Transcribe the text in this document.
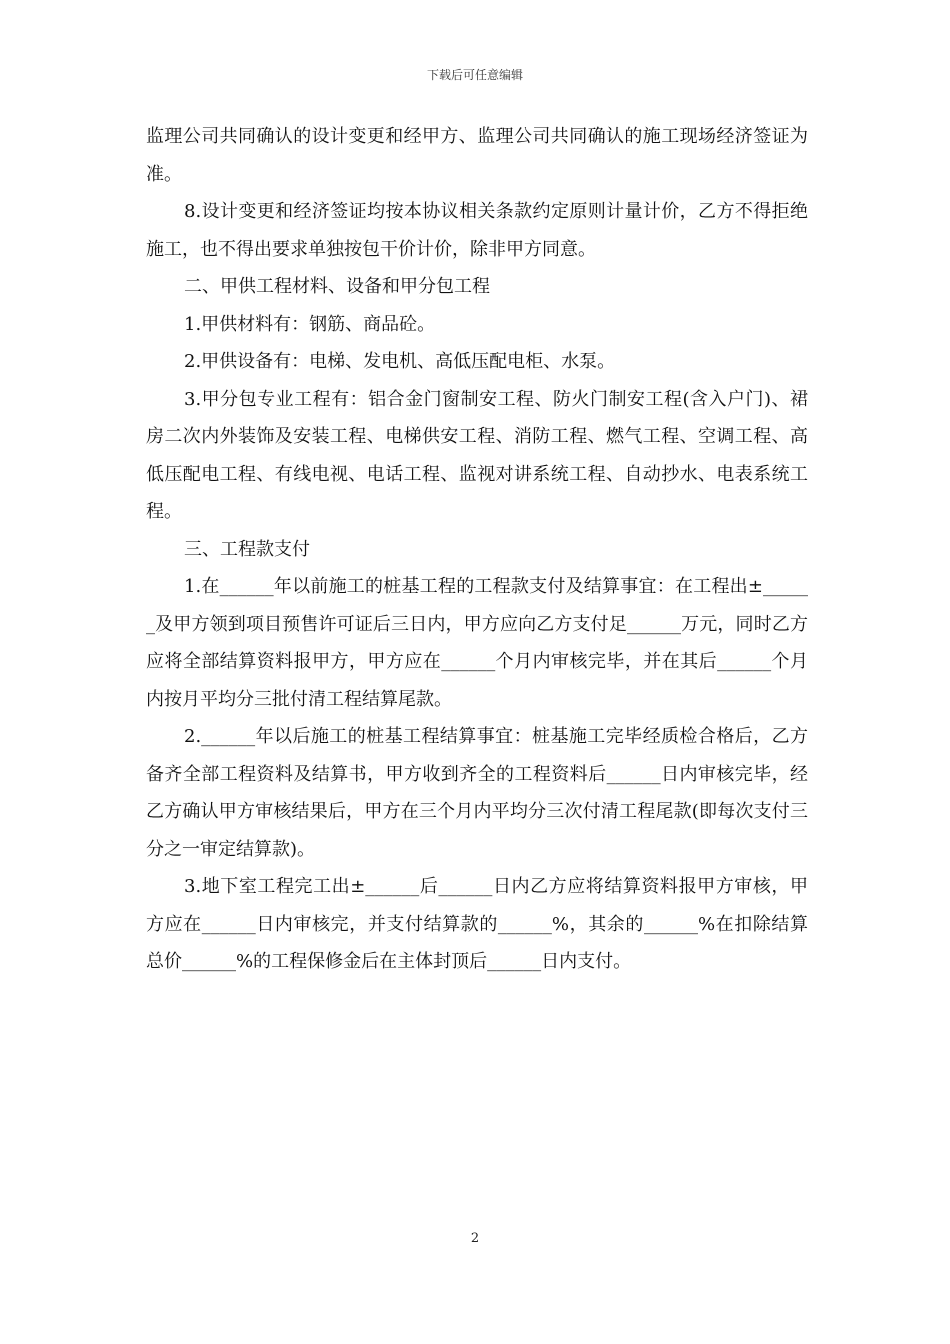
下载后可任意编辑

监理公司共同确认的设计变更和经甲方、监理公司共同确认的施工现场经济签证为准。

8.设计变更和经济签证均按本协议相关条款约定原则计量计价，乙方不得拒绝施工，也不得出要求单独按包干价计价，除非甲方同意。

二、甲供工程材料、设备和甲分包工程

1.甲供材料有：钢筋、商品砼。

2.甲供设备有：电梯、发电机、高低压配电柜、水泵。

3.甲分包专业工程有：铝合金门窗制安工程、防火门制安工程(含入户门)、裙房二次内外装饰及安装工程、电梯供安工程、消防工程、燃气工程、空调工程、高低压配电工程、有线电视、电话工程、监视对讲系统工程、自动抄水、电表系统工程。

三、工程款支付

1.在______年以前施工的桩基工程的工程款支付及结算事宜：在工程出±______及甲方领到项目预售许可证后三日内，甲方应向乙方支付足______万元，同时乙方应将全部结算资料报甲方，甲方应在______个月内审核完毕，并在其后______个月内按月平均分三批付清工程结算尾款。

2.______年以后施工的桩基工程结算事宜：桩基施工完毕经质检合格后，乙方备齐全部工程资料及结算书，甲方收到齐全的工程资料后______日内审核完毕，经乙方确认甲方审核结果后，甲方在三个月内平均分三次付清工程尾款(即每次支付三分之一审定结算款)。

3.地下室工程完工出±______后______日内乙方应将结算资料报甲方审核，甲方应在______日内审核完，并支付结算款的______%，其余的______%在扣除结算总价______%的工程保修金后在主体封顶后______日内支付。

2
